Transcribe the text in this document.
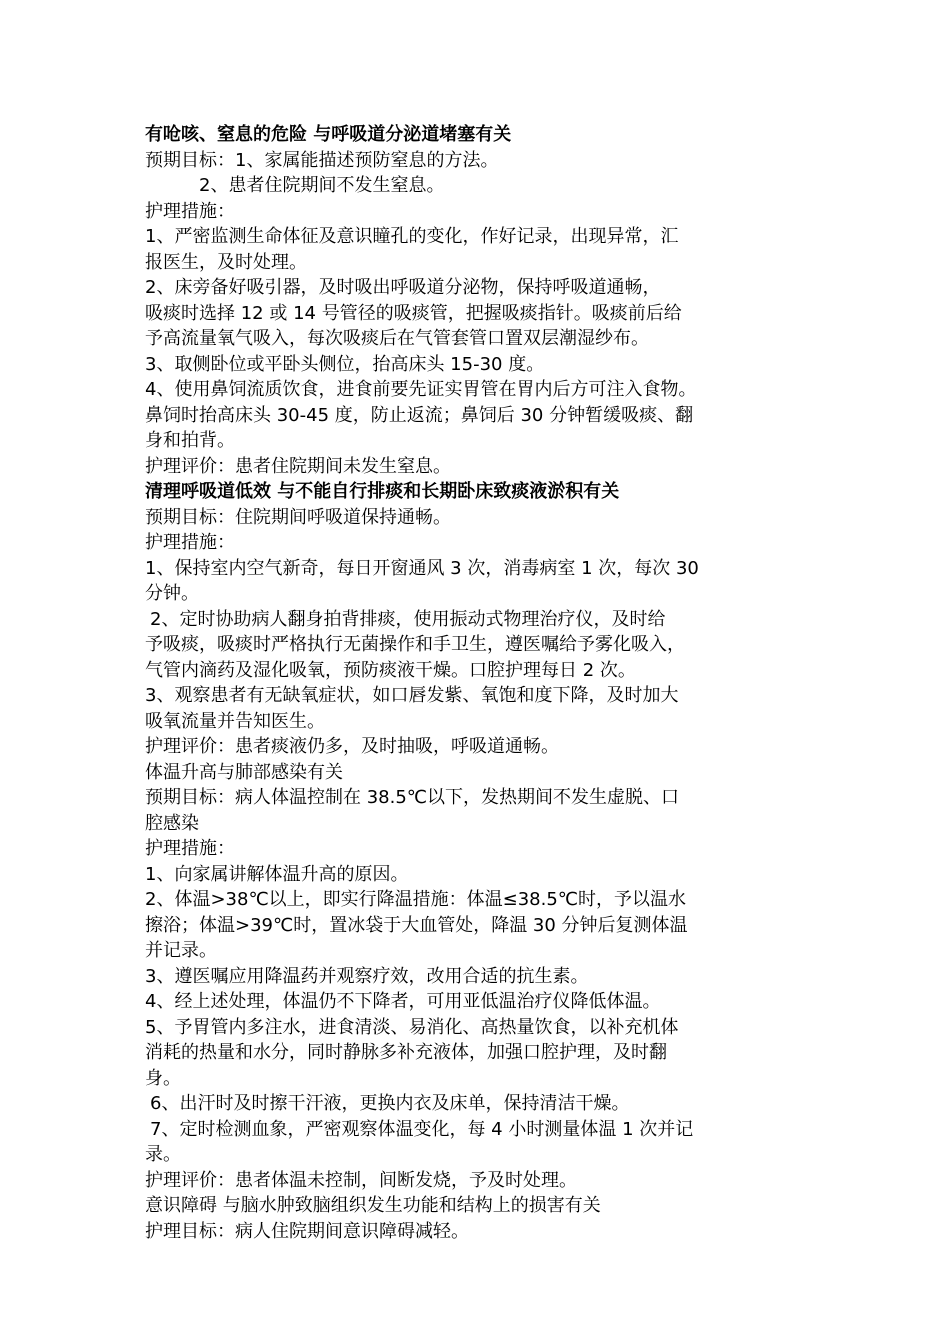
有呛咳、窒息的危险 与呼吸道分泌道堵塞有关
预期目标：1、家属能描述预防窒息的方法。
2、患者住院期间不发生窒息。
护理措施：
1、严密监测生命体征及意识瞳孔的变化，作好记录，出现异常，汇
报医生，及时处理。
2、床旁备好吸引器，及时吸出呼吸道分泌物，保持呼吸道通畅，
吸痰时选择 12 或 14 号管径的吸痰管，把握吸痰指针。吸痰前后给
予高流量氧气吸入，每次吸痰后在气管套管口置双层潮湿纱布。
3、取侧卧位或平卧头侧位，抬高床头 15-30 度。
4、使用鼻饲流质饮食，进食前要先证实胃管在胃内后方可注入食物。
鼻饲时抬高床头 30-45 度，防止返流；鼻饲后 30 分钟暂缓吸痰、翻
身和拍背。
护理评价：患者住院期间未发生窒息。
清理呼吸道低效 与不能自行排痰和长期卧床致痰液淤积有关
预期目标：住院期间呼吸道保持通畅。
护理措施：
1、保持室内空气新奇，每日开窗通风 3 次，消毒病室 1 次，每次 30
分钟。
2、定时协助病人翻身拍背排痰，使用振动式物理治疗仪，及时给
予吸痰，吸痰时严格执行无菌操作和手卫生，遵医嘱给予雾化吸入，
气管内滴药及湿化吸氧，预防痰液干燥。口腔护理每日 2 次。
3、观察患者有无缺氧症状，如口唇发紫、氧饱和度下降，及时加大
吸氧流量并告知医生。
护理评价：患者痰液仍多，及时抽吸，呼吸道通畅。
体温升高与肺部感染有关
预期目标：病人体温控制在 38.5℃以下，发热期间不发生虚脱、口
腔感染
护理措施：
1、向家属讲解体温升高的原因。
2、体温>38℃以上，即实行降温措施：体温≤38.5℃时，予以温水
擦浴；体温>39℃时，置冰袋于大血管处，降温 30 分钟后复测体温
并记录。
3、遵医嘱应用降温药并观察疗效，改用合适的抗生素。
4、经上述处理，体温仍不下降者，可用亚低温治疗仪降低体温。
5、予胃管内多注水，进食清淡、易消化、高热量饮食，以补充机体
消耗的热量和水分，同时静脉多补充液体，加强口腔护理，及时翻
身。
6、出汗时及时擦干汗液，更换内衣及床单，保持清洁干燥。
7、定时检测血象，严密观察体温变化，每 4 小时测量体温 1 次并记
录。
护理评价：患者体温未控制，间断发烧，予及时处理。
意识障碍 与脑水肿致脑组织发生功能和结构上的损害有关
护理目标：病人住院期间意识障碍减轻。
